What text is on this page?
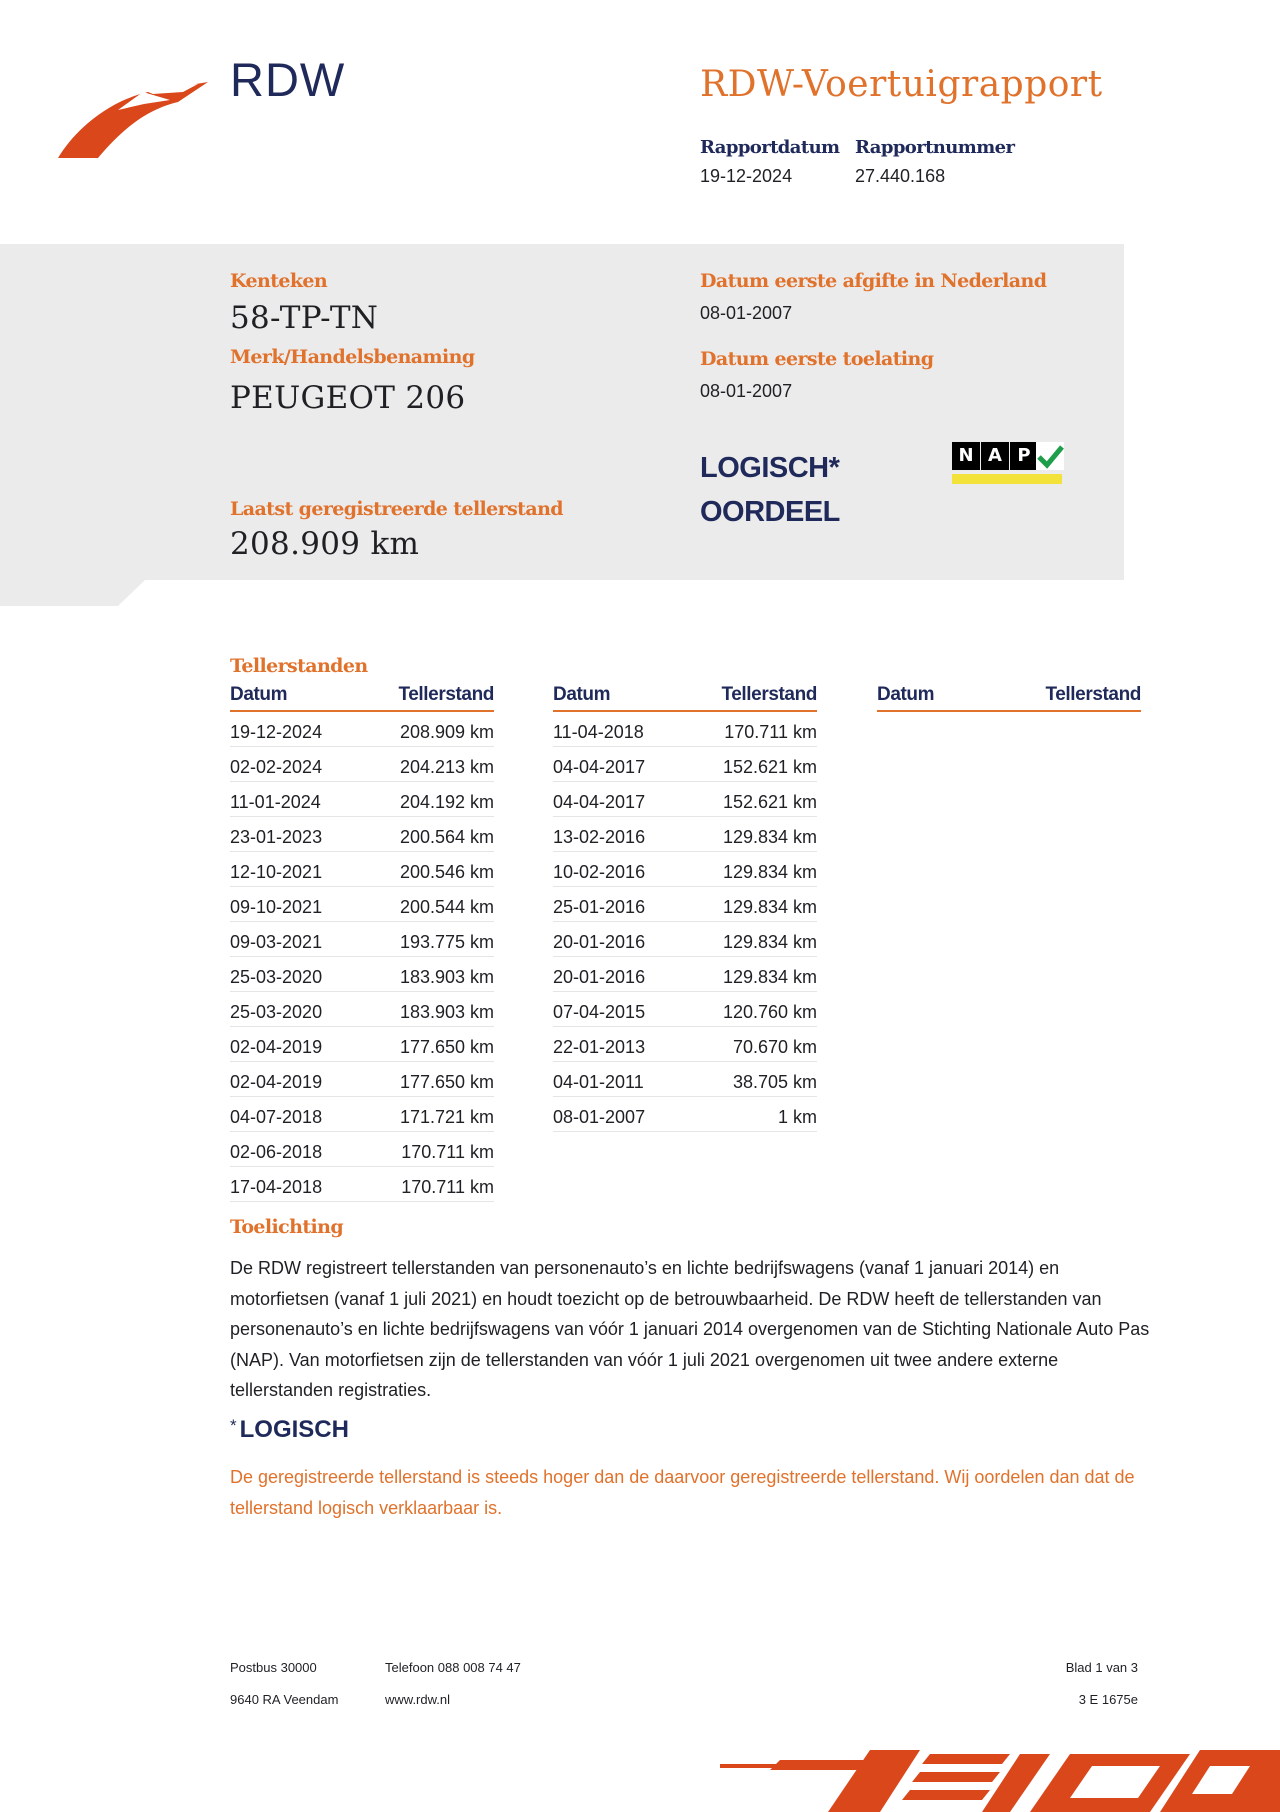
RDW	RDW-Voertuigrapport
Rapportdatum
19-12-2024
Rapportnummer
27.440.168
Kenteken
58-TP-TN
Merk/Handelsbenaming
PEUGEOT 206
Laatst geregistreerde tellerstand
208.909 km
Datum eerste afgifte in Nederland
08-01-2007
Datum eerste toelating
08-01-2007
LOGISCH*
OORDEEL
N A P
Tellerstanden
Datum	Tellerstand
19-12-2024	208.909 km
02-02-2024	204.213 km
11-01-2024	204.192 km
23-01-2023	200.564 km
12-10-2021	200.546 km
09-10-2021	200.544 km
09-03-2021	193.775 km
25-03-2020	183.903 km
25-03-2020	183.903 km
02-04-2019	177.650 km
02-04-2019	177.650 km
04-07-2018	171.721 km
02-06-2018	170.711 km
17-04-2018	170.711 km
Datum	Tellerstand
11-04-2018	170.711 km
04-04-2017	152.621 km
04-04-2017	152.621 km
13-02-2016	129.834 km
10-02-2016	129.834 km
25-01-2016	129.834 km
20-01-2016	129.834 km
20-01-2016	129.834 km
07-04-2015	120.760 km
22-01-2013	70.670 km
04-01-2011	38.705 km
08-01-2007	1 km
Datum	Tellerstand
Toelichting
De RDW registreert tellerstanden van personenauto’s en lichte bedrijfswagens (vanaf 1 januari 2014) en motorfietsen (vanaf 1 juli 2021) en houdt toezicht op de betrouwbaarheid. De RDW heeft de tellerstanden van personenauto’s en lichte bedrijfswagens van vóór 1 januari 2014 overgenomen van de Stichting Nationale Auto Pas (NAP). Van motorfietsen zijn de tellerstanden van vóór 1 juli 2021 overgenomen uit twee andere externe tellerstanden registraties.
* LOGISCH
De geregistreerde tellerstand is steeds hoger dan de daarvoor geregistreerde tellerstand. Wij oordelen dan dat de tellerstand logisch verklaarbaar is.
Postbus 30000
9640 RA Veendam
Telefoon 088 008 74 47
www.rdw.nl
Blad 1 van 3
3 E 1675e
